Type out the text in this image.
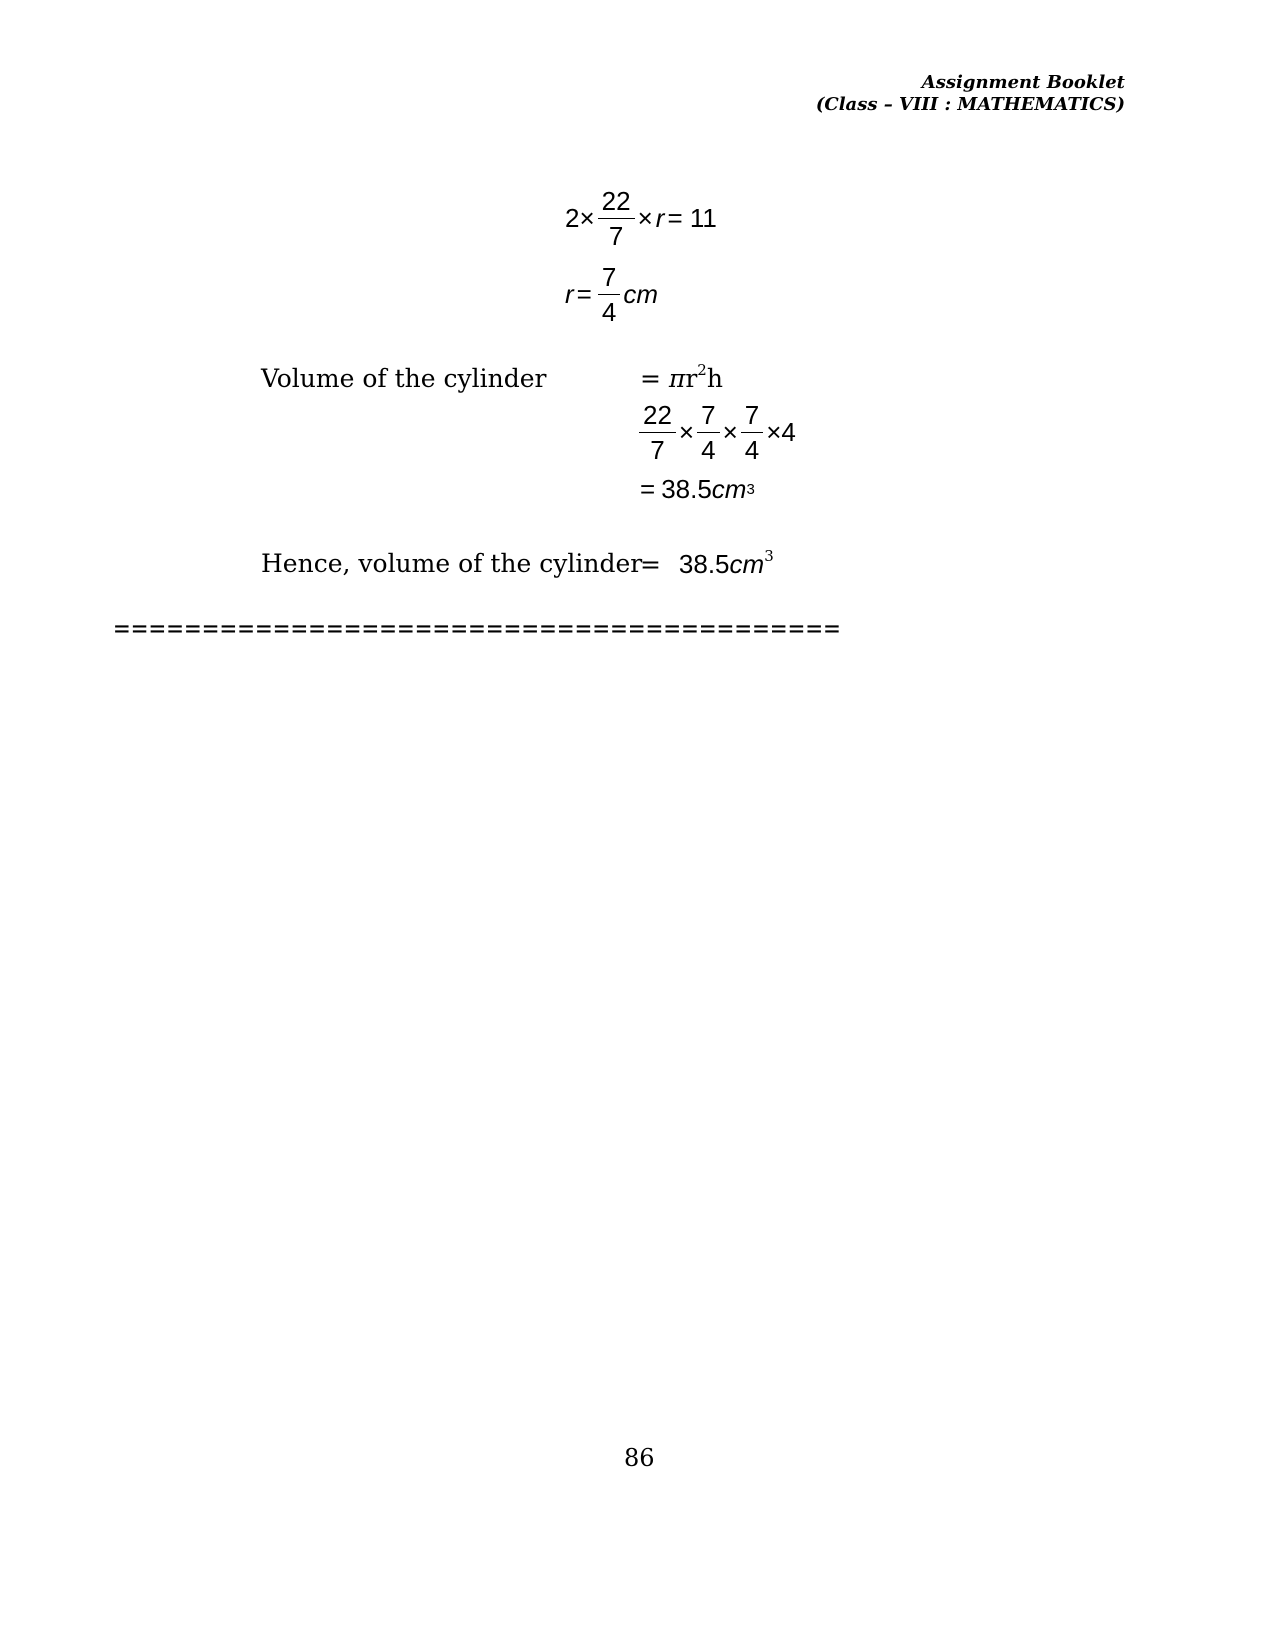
Assignment Booklet
(Class – VIII : MATHEMATICS)
$2\times \frac{22}{7} \times r = 11$
$r = \frac{7}{4}$ cm
Volume of the cylinder	= $\pi r^2h$
$\frac{22}{7} \times \frac{7}{4} \times \frac{7}{4} \times 4$
= 38.5 cm 3
Hence, volume of the cylinder
= $38.5cm^3$
=========================================
86
